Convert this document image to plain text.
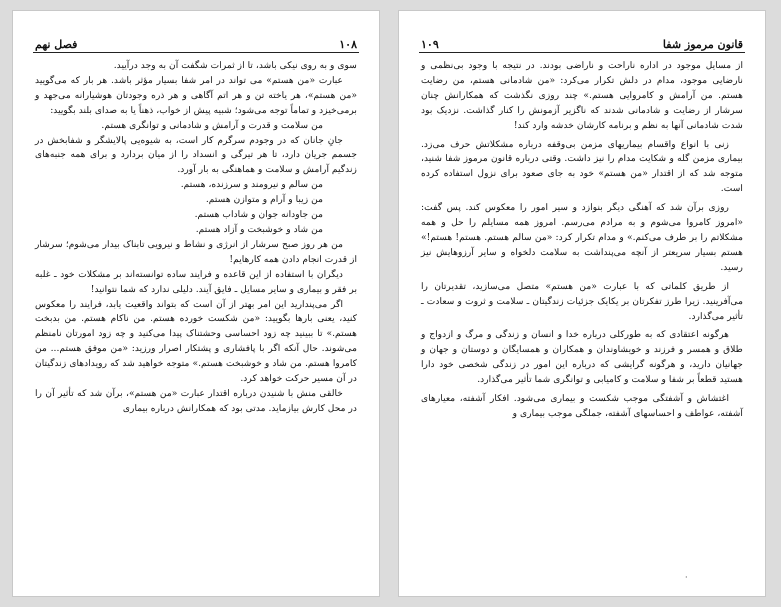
۱۰۸
فصل نهم

سوی و به روی نیکی باشد، تا از ثمرات شگفت آن به وجد درآیید.

عبارت «من هستم» می تواند در امر شفا بسیار مؤثر باشد. هر بار که می‌گویید «من هستم»، هر یاخته تن و هر اتم آگاهی و هر ذره وجودتان هوشیارانه می‌جهد و برمی‌خیزد و تماماً توجه می‌شود؛ شبیه پیش از خواب، ذهناً یا به صدای بلند بگویید:

من سلامت و قدرت و آرامش و شادمانی و توانگری هستم.

جانِ جانان که در وجودم سرگرم کار است، به شیوه‌یی پالایشگر و شفابخش در جسمم جریان دارد، تا هر تیرگی و انسداد را از میان بردارد و برای همه جنبه‌های زندگیم آرامش و سلامت و هماهنگی به بار آورد.

من سالم و نیرومند و سرزنده، هستم.

من زیبا و آرام و متوازن هستم.

من جاودانه جوان و شاداب هستم.

من شاد و خوشبخت و آزاد هستم.

من هر روز صبح سرشار از انرژی و نشاط و نیرویی تابناک بیدار می‌شوم؛ سرشار از قدرت انجام دادن همه کارهایم!

دیگران با استفاده از این قاعده و فرایند ساده توانسته‌اند بر مشکلات خود ـ غلبه بر فقر و بیماری و سایر مسایل ـ فایق آیند. دلیلی ندارد که شما نتوانید!

اگر می‌پندارید این امر بهتر از آن است که بتواند واقعیت یابد، فرایند را معکوس کنید، یعنی بارها بگویید: «من شکست خورده هستم. من ناکام هستم. من بدبخت هستم.» تا ببینید چه زود احساسی وحشتناک پیدا می‌کنید و چه زود امورتان نامنظم می‌شوند. حال آنکه اگر با پافشاری و پشتکار اصرار ورزید: «من موفق هستم... من کامروا هستم. من شاد و خوشبخت هستم.» متوجه خواهید شد که رویدادهای زندگیتان در آن مسیر حرکت خواهد کرد.

خالقی منش با شنیدن درباره اقتدار عبارت «من هستم»، برآن شد که تأثیر آن را در محل کارش بیازماید. مدتی بود که همکارانش درباره بیماری

قانون مرموز شفا
۱۰۹

از مسایل موجود در اداره ناراحت و ناراضی بودند. در نتیجه با وجود بی‌نظمی و نارضایی موجود، مدام در دلش تکرار می‌کرد: «من شادمانی هستم، من رضایت هستم. من آرامش و کامروایی هستم.» چند روزی نگذشت که همکارانش چنان سرشار از رضایت و شادمانی شدند که ناگزیر آزمونش را کنار گذاشت. نزدیک بود شدت شادمانی آنها به نظم و برنامه کارشان خدشه وارد کند!

زنی با انواع واقسام بیماریهای مزمن بی‌وقفه درباره مشکلاتش حرف می‌زد. بیماری مزمن گله و شکایت مدام را نیز داشت. وقتی درباره قانون مرموز شفا شنید، متوجه شد که از اقتدار «من هستم» خود به جای صعود برای نزول استفاده کرده است.

روزی برآن شد که آهنگی دیگر بنوازد و سیر امور را معکوس کند. پس گفت: «امروز کامروا می‌شوم و به مرادم می‌رسم. امروز همه مسایلم را حل و همه مشکلاتم را بر طرف می‌کنم.» و مدام تکرار کرد: «من سالم هستم. هستم! هستم!» هستم بسیار سریعتر از آنچه می‌پنداشت به سلامت دلخواه و سایر آرزوهایش نیز رسید.

از طریق کلماتی که با عبارت «من هستم» متصل می‌سازید، تقدیرتان را می‌آفرینید. زیرا طرز تفکرتان بر یکایک جزئیات زندگیتان ـ سلامت و ثروت و سعادت ـ تأثیر می‌گذارد.

هرگونه اعتقادی که به طورکلی درباره خدا و انسان و زندگی و مرگ و ازدواج و طلاق و همسر و فرزند و خویشاوندان و همکاران و همسایگان و دوستان و جهان و جهانیان دارید، و هرگونه گرایشی که درباره این امور در زندگی شخصی خود دارا هستید قطعاً بر شفا و سلامت و کامیابی و توانگری شما تأثیر می‌گذارد.

اغتشاش و آشفتگی موجب شکست و بیماری می‌شود. افکار آشفته، معیارهای آشفته، عواطف و احساسهای آشفته، جملگی موجب بیماری و

·
